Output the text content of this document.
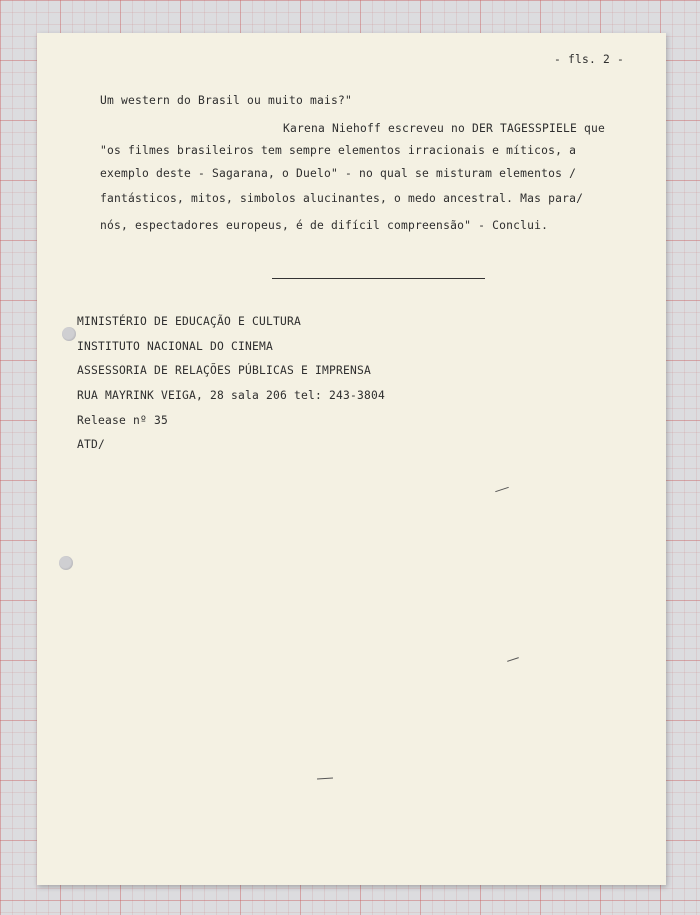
- fls. 2 -
Um western do Brasil ou muito mais?"
Karena Niehoff escreveu no DER TAGESSPIELE que
"os filmes brasileiros tem sempre elementos irracionais e míticos, a
exemplo deste - Sagarana, o Duelo" - no qual se misturam elementos /
fantásticos, mitos, simbolos alucinantes, o medo ancestral. Mas para/
nós, espectadores europeus, é de difícil compreensão" - Conclui.
MINISTÉRIO DE EDUCAÇÃO E CULTURA
INSTITUTO NACIONAL DO CINEMA
ASSESSORIA DE RELAÇÕES PÚBLICAS E IMPRENSA
RUA MAYRINK VEIGA, 28 sala 206 tel: 243-3804
Release nº 35
ATD/
